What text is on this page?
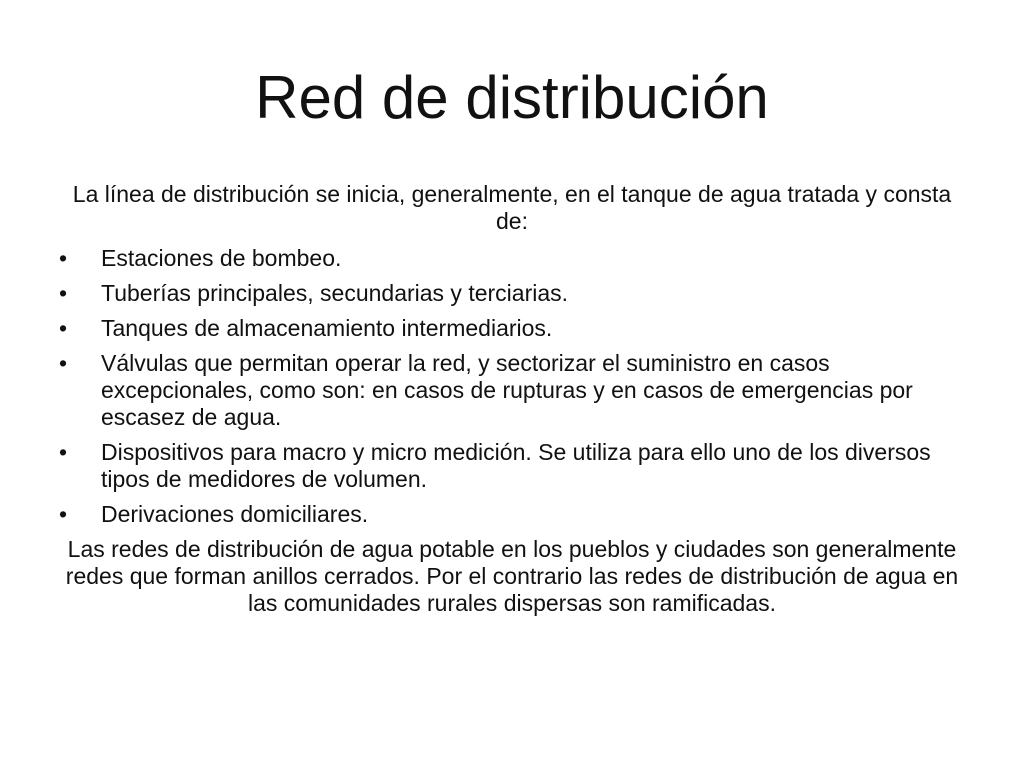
Red de distribución

La línea de distribución se inicia, generalmente, en el tanque de agua tratada y consta de:

• Estaciones de bombeo.
• Tuberías principales, secundarias y terciarias.
• Tanques de almacenamiento intermediarios.
• Válvulas que permitan operar la red, y sectorizar el suministro en casos excepcionales, como son: en casos de rupturas y en casos de emergencias por escasez de agua.
• Dispositivos para macro y micro medición. Se utiliza para ello uno de los diversos tipos de medidores de volumen.
• Derivaciones domiciliares.

Las redes de distribución de agua potable en los pueblos y ciudades son generalmente redes que forman anillos cerrados. Por el contrario las redes de distribución de agua en las comunidades rurales dispersas son ramificadas.
